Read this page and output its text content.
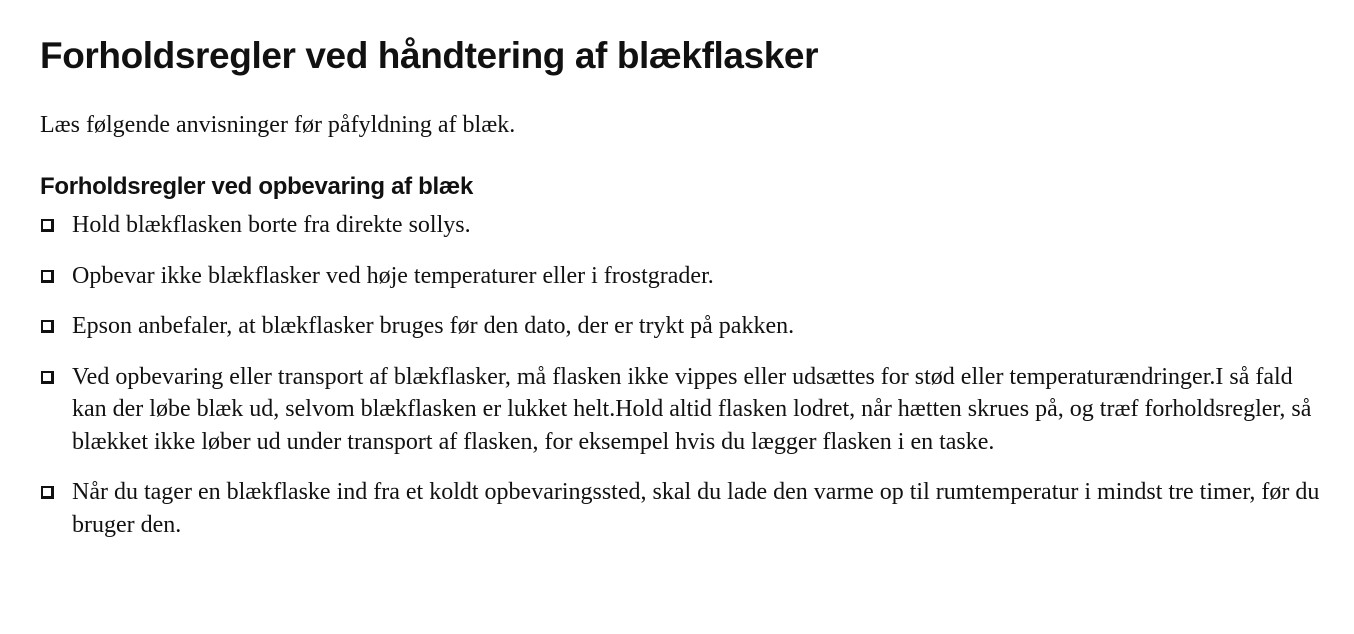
Forholdsregler ved håndtering af blækflasker

Læs følgende anvisninger før påfyldning af blæk.

Forholdsregler ved opbevaring af blæk
Hold blækflasken borte fra direkte sollys.
Opbevar ikke blækflasker ved høje temperaturer eller i frostgrader.
Epson anbefaler, at blækflasker bruges før den dato, der er trykt på pakken.
Ved opbevaring eller transport af blækflasker, må flasken ikke vippes eller udsættes for stød eller temperaturændringer.I så fald kan der løbe blæk ud, selvom blækflasken er lukket helt.Hold altid flasken lodret, når hætten skrues på, og træf forholdsregler, så blækket ikke løber ud under transport af flasken, for eksempel hvis du lægger flasken i en taske.
Når du tager en blækflaske ind fra et koldt opbevaringssted, skal du lade den varme op til rumtemperatur i mindst tre timer, før du bruger den.
